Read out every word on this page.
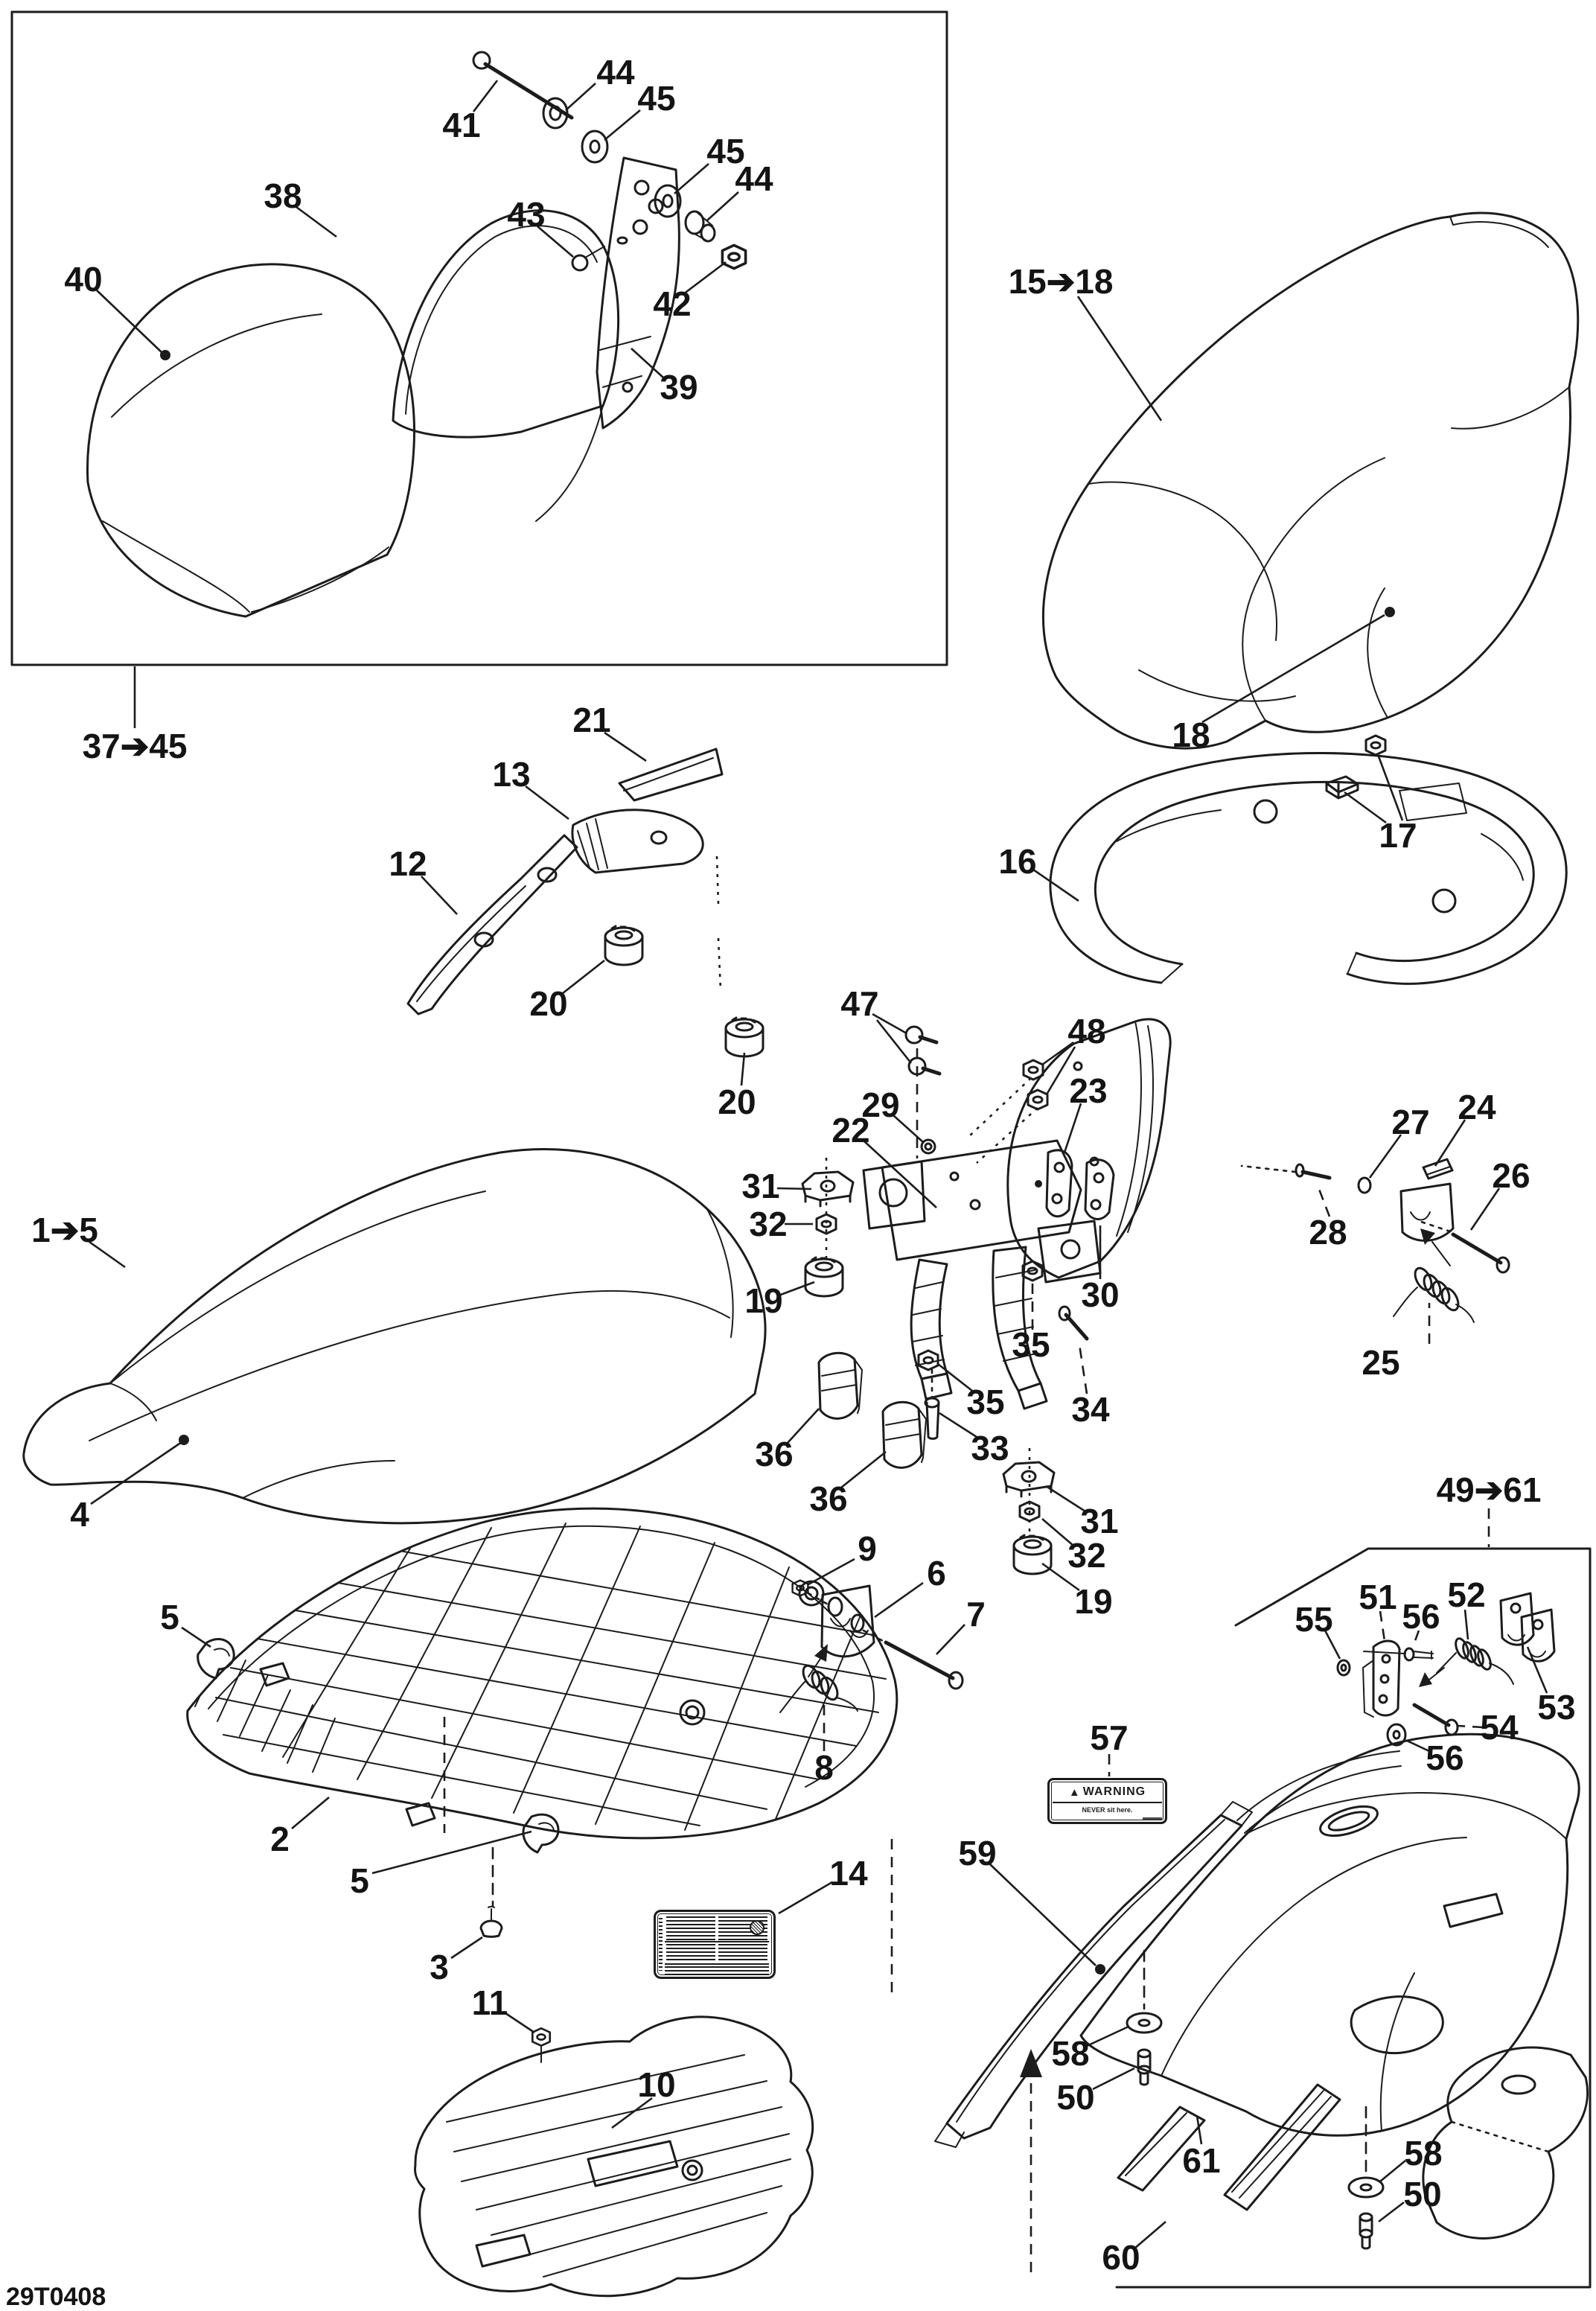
41
44
45
45
44
43
42
39
38
40
37➔45
15➔18
18
16
17
21
13
12
20
20
47
48
23
29
22
31
32
19	30
35
34
35
33
36
36
31
32
19
9
6
7
8
27 24
26
28
25
1➔5
4
2
5
5
3
14
11
10
49➔61
55
51 56
52
53
54
56
57
59
58
50
61	58
50
60
29T0408
▲ WARNING
NEVER sit here.
